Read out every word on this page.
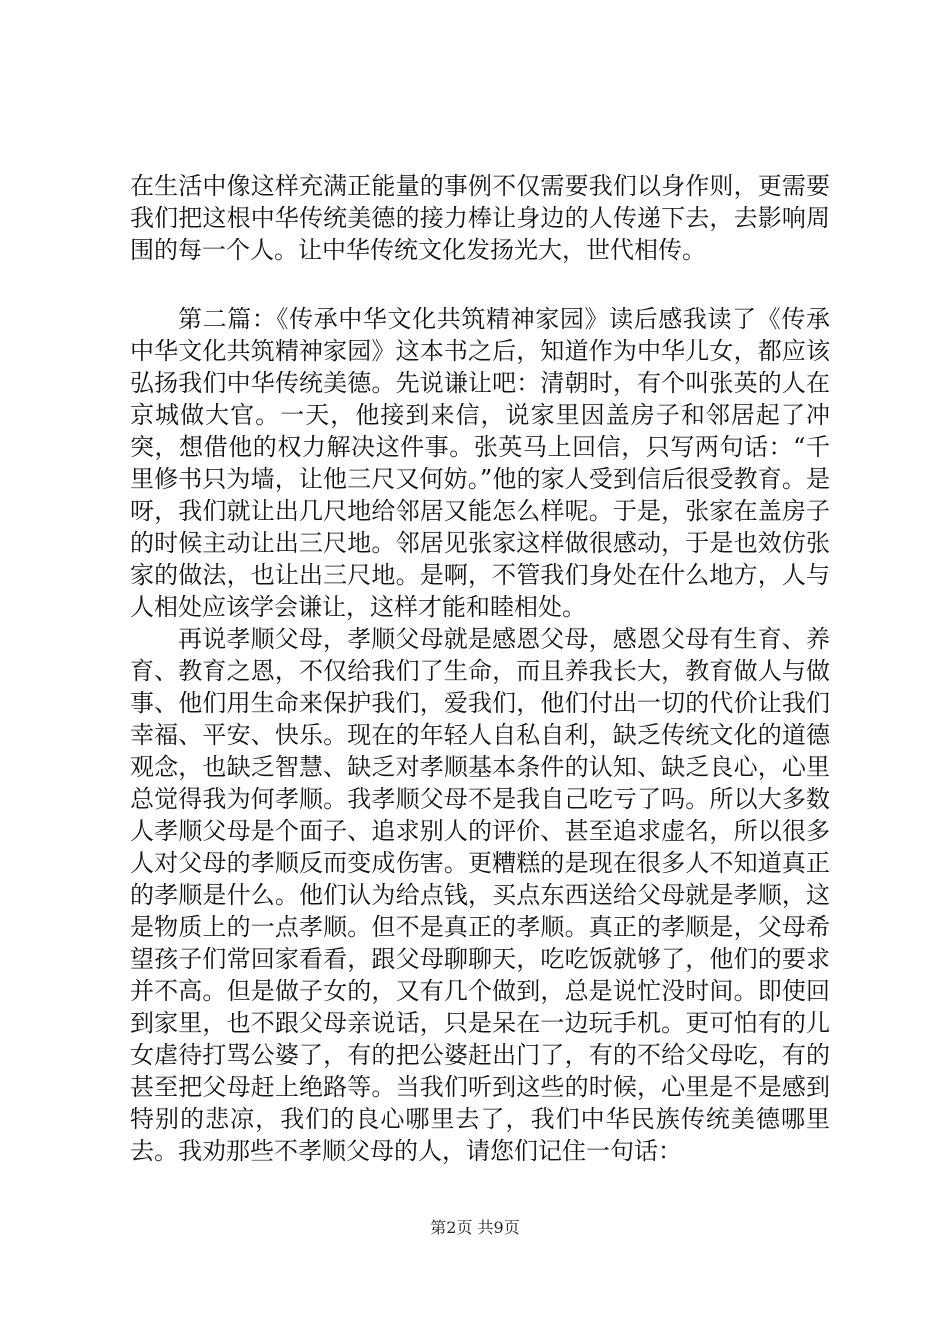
在生活中像这样充满正能量的事例不仅需要我们以身作则，更需要我们把这根中华传统美德的接力棒让身边的人传递下去，去影响周围的每一个人。让中华传统文化发扬光大，世代相传。

第二篇：《传承中华文化共筑精神家园》读后感我读了《传承中华文化共筑精神家园》这本书之后，知道作为中华儿女，都应该弘扬我们中华传统美德。先说谦让吧：清朝时，有个叫张英的人在京城做大官。一天，他接到来信，说家里因盖房子和邻居起了冲突，想借他的权力解决这件事。张英马上回信，只写两句话：“千里修书只为墙，让他三尺又何妨。”他的家人受到信后很受教育。是呀，我们就让出几尺地给邻居又能怎么样呢。于是，张家在盖房子的时候主动让出三尺地。邻居见张家这样做很感动，于是也效仿张家的做法，也让出三尺地。是啊，不管我们身处在什么地方，人与人相处应该学会谦让，这样才能和睦相处。

再说孝顺父母，孝顺父母就是感恩父母，感恩父母有生育、养育、教育之恩，不仅给我们了生命，而且养我长大，教育做人与做事、他们用生命来保护我们，爱我们，他们付出一切的代价让我们幸福、平安、快乐。现在的年轻人自私自利，缺乏传统文化的道德观念，也缺乏智慧、缺乏对孝顺基本条件的认知、缺乏良心，心里总觉得我为何孝顺。我孝顺父母不是我自己吃亏了吗。所以大多数人孝顺父母是个面子、追求别人的评价、甚至追求虚名，所以很多人对父母的孝顺反而变成伤害。更糟糕的是现在很多人不知道真正的孝顺是什么。他们认为给点钱，买点东西送给父母就是孝顺，这是物质上的一点孝顺。但不是真正的孝顺。真正的孝顺是，父母希望孩子们常回家看看，跟父母聊聊天，吃吃饭就够了，他们的要求并不高。但是做子女的，又有几个做到，总是说忙没时间。即使回到家里，也不跟父母亲说话，只是呆在一边玩手机。更可怕有的儿女虐待打骂公婆了，有的把公婆赶出门了，有的不给父母吃，有的甚至把父母赶上绝路等。当我们听到这些的时候，心里是不是感到特别的悲凉，我们的良心哪里去了，我们中华民族传统美德哪里去。我劝那些不孝顺父母的人，请您们记住一句话：

第2页 共9页
